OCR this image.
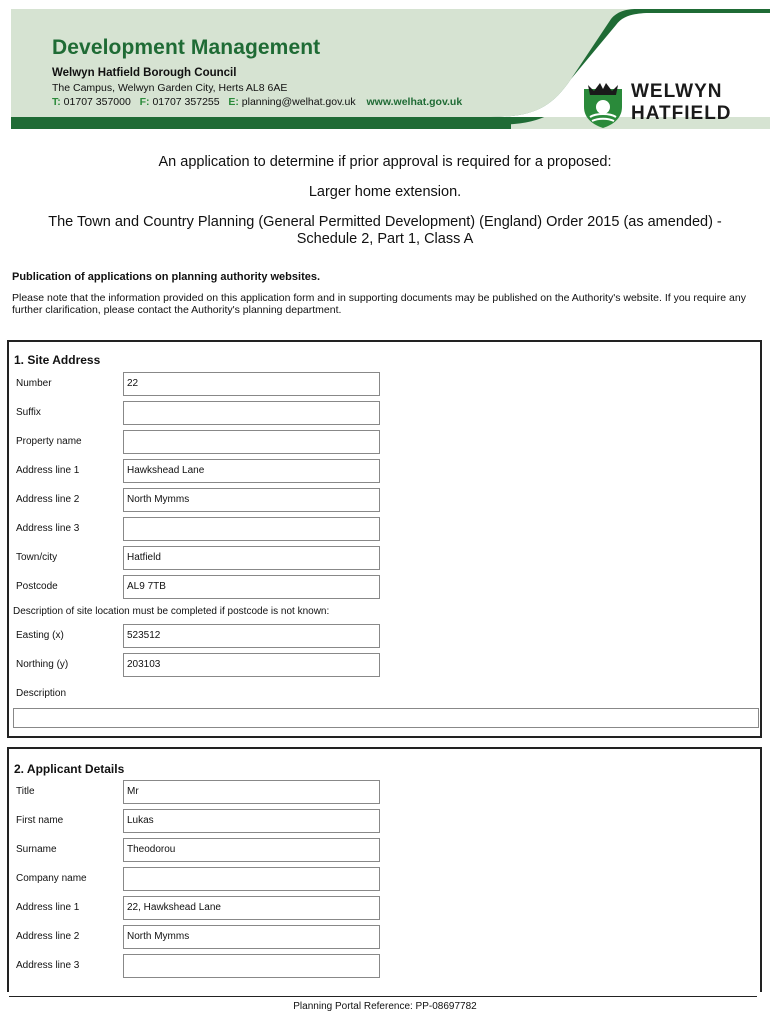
Development Management
Welwyn Hatfield Borough Council
The Campus, Welwyn Garden City, Herts AL8 6AE
T: 01707 357000 F: 01707 357255 E: planning@welhat.gov.uk www.welhat.gov.uk	WELWYN
HATFIELD

An application to determine if prior approval is required for a proposed:

Larger home extension.

The Town and Country Planning (General Permitted Development) (England) Order 2015 (as amended) -
Schedule 2, Part 1, Class A

Publication of applications on planning authority websites.
Please note that the information provided on this application form and in supporting documents may be published on the Authority's website. If you require any further clarification, please contact the Authority's planning department.
1. Site Address
Number	22
Suffix
Property name
Address line 1	Hawkshead Lane
Address line 2	North Mymms
Address line 3
Town/city	Hatfield
Postcode	AL9 7TB
Description of site location must be completed if postcode is not known:
Easting (x)	523512
Northing (y)	203103
Description
2. Applicant Details
Title	Mr
First name	Lukas
Surname	Theodorou
Company name
Address line 1	22, Hawkshead Lane
Address line 2	North Mymms
Address line 3
Planning Portal Reference: PP-08697782
